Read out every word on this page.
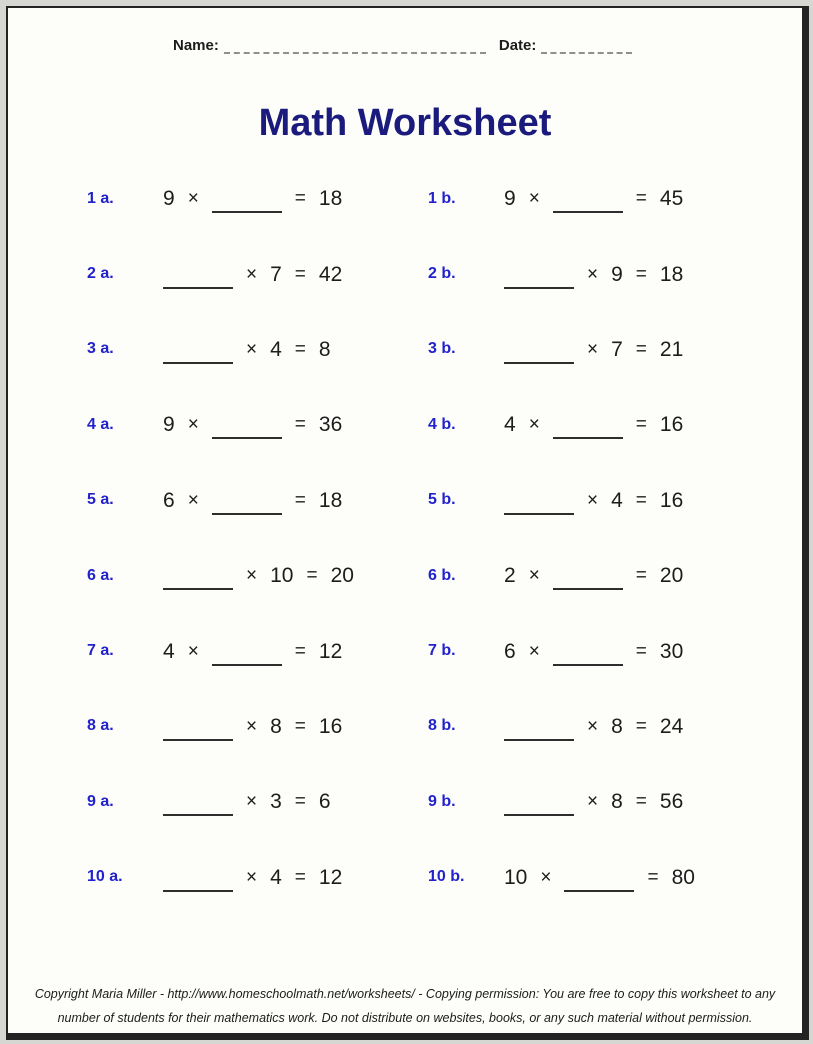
Name:	Date:
Math Worksheet
1 a.	9 ×	= 18	1 b.	9 ×	= 45
2 a.	× 7 = 42	2 b.	× 9 = 18
3 a.	× 4 = 8	3 b.	× 7 = 21
4 a.	9 ×	= 36	4 b.	4 ×	= 16
5 a.	6 ×	= 18	5 b.	× 4 = 16
6 a.	× 10 = 20	6 b.	2 ×	= 20
7 a.	4 ×	= 12	7 b.	6 ×	= 30
8 a.	× 8 = 16	8 b.	× 8 = 24
9 a.	× 3 = 6	9 b.	× 8 = 56
10 a.	× 4 = 12	10 b.	10 ×	= 80
Copyright Maria Miller - http://www.homeschoolmath.net/worksheets/ - Copying permission: You are free to copy this worksheet to any
number of students for their mathematics work. Do not distribute on websites, books, or any such material without permission.
